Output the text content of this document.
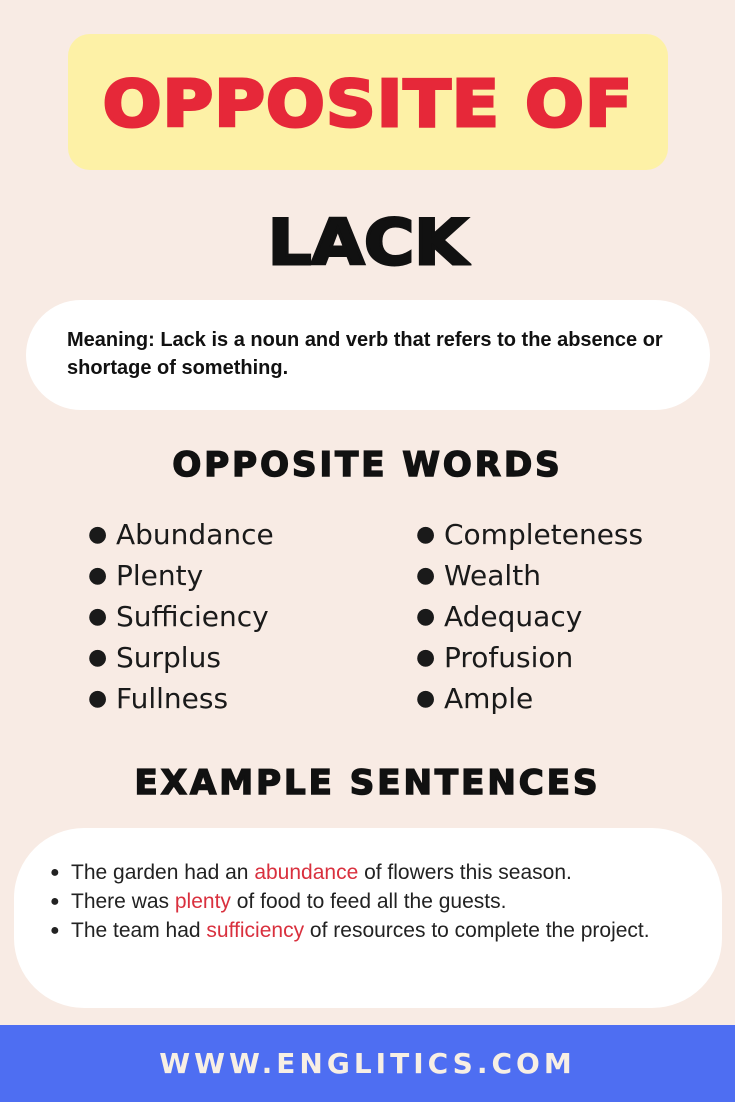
OPPOSITE OF
LACK
Meaning: Lack is a noun and verb that refers to the absence or shortage of something.
OPPOSITE WORDS
● Abundance
● Plenty
● Sufficiency
● Surplus
● Fullness
● Completeness
● Wealth
● Adequacy
● Profusion
● Ample
EXAMPLE SENTENCES
● The garden had an abundance of flowers this season.
● There was plenty of food to feed all the guests.
● The team had sufficiency of resources to complete the project.
WWW.ENGLITICS.COM
